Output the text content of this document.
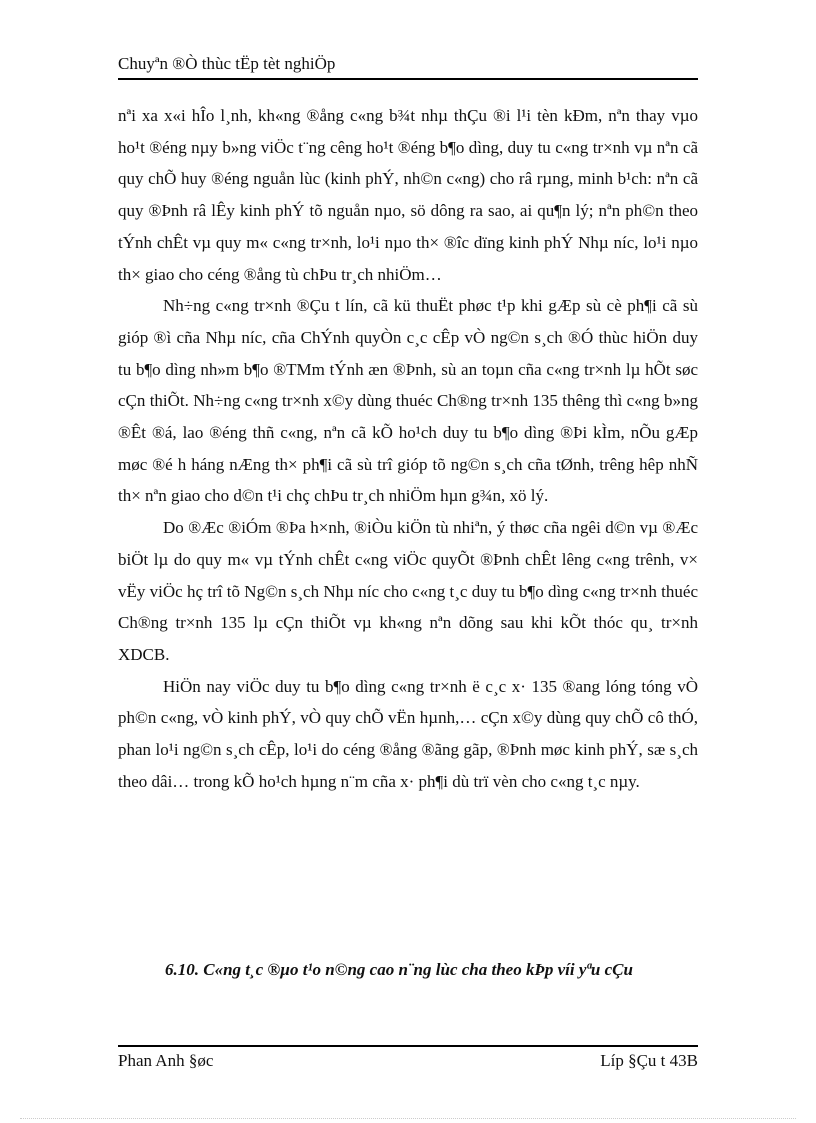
Chuyªn ®Ò thùc tËp tèt nghiÖp

nªi xa x«i hÎo l¸nh, kh«ng ®ång c«ng b¾t nhµ thÇu ®i l¹i tèn kÐm, nªn thay vµo ho¹t ®éng nµy b»ng viÖc t¨ng cêng ho¹t ®éng b¶o dìng, duy tu c«ng tr×nh vµ nªn cã quy chÕ huy ®éng nguån lùc (kinh phÝ, nh©n c«ng) cho râ rµng, minh b¹ch: nªn cã quy ®Þnh râ lÊy kinh phÝ tõ nguån nµo, sö dông ra sao, ai qu¶n lý; nªn ph©n theo tÝnh chÊt vµ quy m« c«ng tr×nh, lo¹i nµo th× ®îc dïng kinh phÝ Nhµ níc, lo¹i nµo th× giao cho céng ®ång tù chÞu tr¸ch nhiÖm…

Nh÷ng c«ng tr×nh ®Çu t lín, cã kü thuËt phøc t¹p khi gÆp sù cè ph¶i cã sù gióp ®ì cña Nhµ níc, cña ChÝnh quyÒn c¸c cÊp vÒ ng©n s¸ch ®Ó thùc hiÖn duy tu b¶o dìng nh»m b¶o ®TMm tÝnh æn ®Þnh, sù an toµn cña c«ng tr×nh lµ hÕt søc cÇn thiÕt. Nh÷ng c«ng tr×nh x©y dùng thuéc Ch®ng tr×nh 135 thêng thì c«ng b»ng ®Êt ®á, lao ®éng thñ c«ng, nªn cã kÕ ho¹ch duy tu b¶o dìng ®Þi kÌm, nÕu gÆp møc ®é h háng nÆng th× ph¶i cã sù trî gióp tõ ng©n s¸ch cña tØnh, trêng hêp nhÑ th× nªn giao cho d©n t¹i chç chÞu tr¸ch nhiÖm hµn g¾n, xö lý.

Do ®Æc ®iÓm ®Þa h×nh, ®iÒu kiÖn tù nhiªn, ý thøc cña ngêi d©n vµ ®Æc biÖt lµ do quy m« vµ tÝnh chÊt c«ng viÖc quyÕt ®Þnh chÊt lêng c«ng trênh, v× vËy viÖc hç trî tõ Ng©n s¸ch Nhµ níc cho c«ng t¸c duy tu b¶o dìng c«ng tr×nh thuéc Ch®ng tr×nh 135 lµ cÇn thiÕt vµ kh«ng nªn dõng sau khi kÕt thóc qu¸ tr×nh XDCB.

HiÖn nay viÖc duy tu b¶o dìng c«ng tr×nh ë c¸c x· 135 ®ang lóng tóng vÒ ph©n c«ng, vÒ kinh phÝ, vÒ quy chÕ vËn hµnh,… cÇn x©y dùng quy chÕ cô thÓ, phan lo¹i ng©n s¸ch cÊp, lo¹i do céng ®ång ®ãng gãp, ®Þnh møc kinh phÝ, sæ s¸ch theo dâi… trong kÕ ho¹ch hµng n¨m cña x· ph¶i dù trï vèn cho c«ng t¸c nµy.

6.10. C«ng t¸c ®µo t¹o n©ng cao n¨ng lùc cha theo kÞp víi yªu cÇu
Phan Anh §øc	Líp §Çu t 43B
